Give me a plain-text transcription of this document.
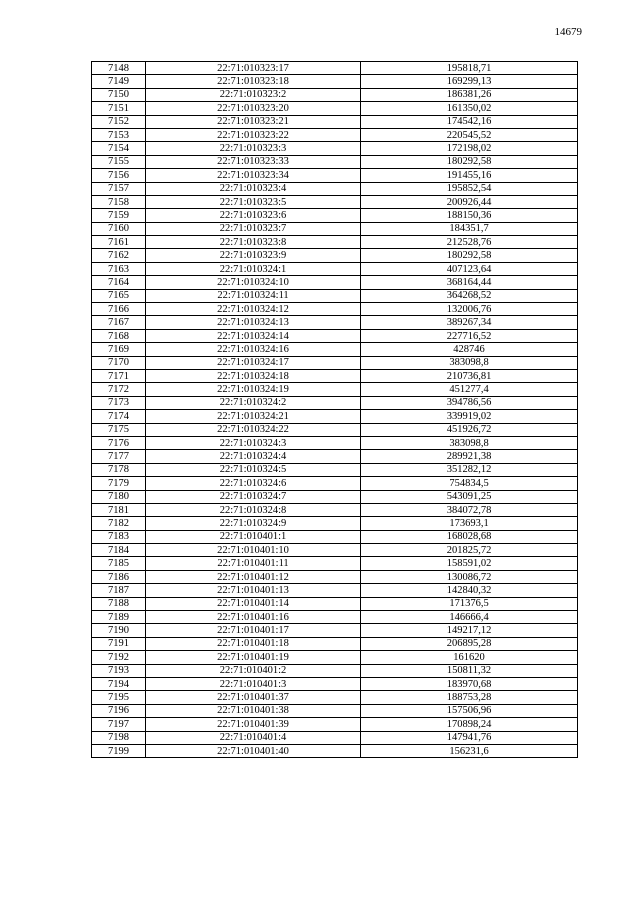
14679
7148	22:71:010323:17	195818,71
7149	22:71:010323:18	169299,13
7150	22:71:010323:2	186381,26
7151	22:71:010323:20	161350,02
7152	22:71:010323:21	174542,16
7153	22:71:010323:22	220545,52
7154	22:71:010323:3	172198,02
7155	22:71:010323:33	180292,58
7156	22:71:010323:34	191455,16
7157	22:71:010323:4	195852,54
7158	22:71:010323:5	200926,44
7159	22:71:010323:6	188150,36
7160	22:71:010323:7	184351,7
7161	22:71:010323:8	212528,76
7162	22:71:010323:9	180292,58
7163	22:71:010324:1	407123,64
7164	22:71:010324:10	368164,44
7165	22:71:010324:11	364268,52
7166	22:71:010324:12	132006,76
7167	22:71:010324:13	389267,34
7168	22:71:010324:14	227716,52
7169	22:71:010324:16	428746
7170	22:71:010324:17	383098,8
7171	22:71:010324:18	210736,81
7172	22:71:010324:19	451277,4
7173	22:71:010324:2	394786,56
7174	22:71:010324:21	339919,02
7175	22:71:010324:22	451926,72
7176	22:71:010324:3	383098,8
7177	22:71:010324:4	289921,38
7178	22:71:010324:5	351282,12
7179	22:71:010324:6	754834,5
7180	22:71:010324:7	543091,25
7181	22:71:010324:8	384072,78
7182	22:71:010324:9	173693,1
7183	22:71:010401:1	168028,68
7184	22:71:010401:10	201825,72
7185	22:71:010401:11	158591,02
7186	22:71:010401:12	130086,72
7187	22:71:010401:13	142840,32
7188	22:71:010401:14	171376,5
7189	22:71:010401:16	146666,4
7190	22:71:010401:17	149217,12
7191	22:71:010401:18	206895,28
7192	22:71:010401:19	161620
7193	22:71:010401:2	150811,32
7194	22:71:010401:3	183970,68
7195	22:71:010401:37	188753,28
7196	22:71:010401:38	157506,96
7197	22:71:010401:39	170898,24
7198	22:71:010401:4	147941,76
7199	22:71:010401:40	156231,6
